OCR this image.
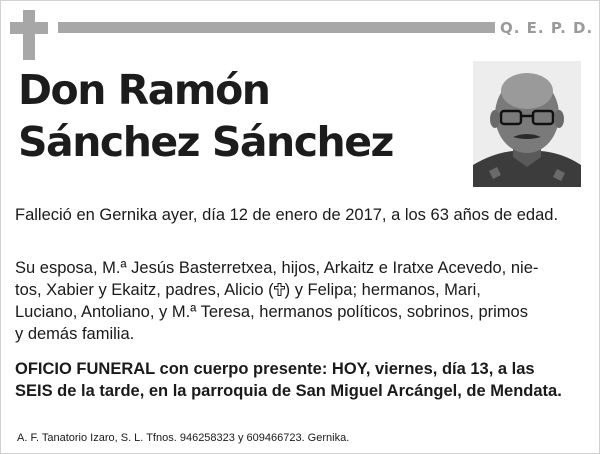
Q. E. P. D.
Don Ramón
Sánchez Sánchez

Falleció en Gernika ayer, día 12 de enero de 2017, a los 63 años de edad.

Su esposa, M.ª Jesús Basterretxea, hijos, Arkaitz e Iratxe Acevedo, nie-
tos, Xabier y Ekaitz, padres, Alicio ( ) y Felipa; hermanos, Mari,
Luciano, Antoliano, y M.ª Teresa, hermanos políticos, sobrinos, primos
y demás familia.

OFICIO FUNERAL con cuerpo presente: HOY, viernes, día 13, a las SEIS de la tarde, en la parroquia de San Miguel Arcángel, de Mendata.

A. F. Tanatorio Izaro, S. L. Tfnos. 946258323 y 609466723. Gernika.
